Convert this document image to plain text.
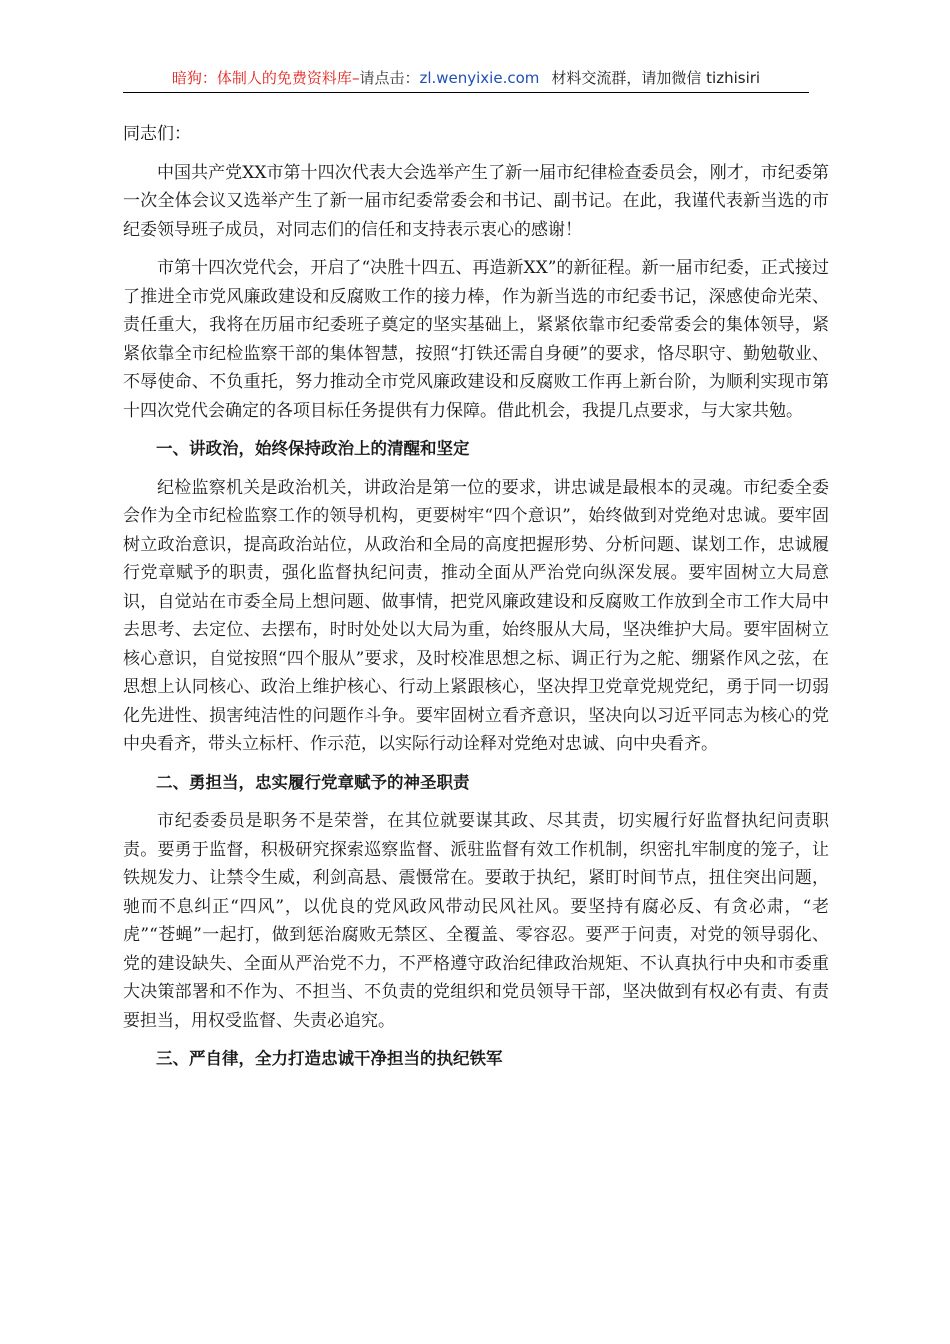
暗狗：体制人的免费资料库–请点击：zl.wenyixie.com 材料交流群，请加微信 tizhisiri

同志们：

中国共产党XX市第十四次代表大会选举产生了新一届市纪律检查委员会，刚才，市纪委第一次全体会议又选举产生了新一届市纪委常委会和书记、副书记。在此，我谨代表新当选的市纪委领导班子成员，对同志们的信任和支持表示衷心的感谢！

市第十四次党代会，开启了“决胜十四五、再造新XX”的新征程。新一届市纪委，正式接过了推进全市党风廉政建设和反腐败工作的接力棒，作为新当选的市纪委书记，深感使命光荣、责任重大，我将在历届市纪委班子奠定的坚实基础上，紧紧依靠市纪委常委会的集体领导，紧紧依靠全市纪检监察干部的集体智慧，按照“打铁还需自身硬”的要求，恪尽职守、勤勉敬业、不辱使命、不负重托，努力推动全市党风廉政建设和反腐败工作再上新台阶，为顺利实现市第十四次党代会确定的各项目标任务提供有力保障。借此机会，我提几点要求，与大家共勉。

一、讲政治，始终保持政治上的清醒和坚定

纪检监察机关是政治机关，讲政治是第一位的要求，讲忠诚是最根本的灵魂。市纪委全委会作为全市纪检监察工作的领导机构，更要树牢“四个意识”，始终做到对党绝对忠诚。要牢固树立政治意识，提高政治站位，从政治和全局的高度把握形势、分析问题、谋划工作，忠诚履行党章赋予的职责，强化监督执纪问责，推动全面从严治党向纵深发展。要牢固树立大局意识，自觉站在市委全局上想问题、做事情，把党风廉政建设和反腐败工作放到全市工作大局中去思考、去定位、去摆布，时时处处以大局为重，始终服从大局，坚决维护大局。要牢固树立核心意识，自觉按照“四个服从”要求，及时校准思想之标、调正行为之舵、绷紧作风之弦，在思想上认同核心、政治上维护核心、行动上紧跟核心，坚决捍卫党章党规党纪，勇于同一切弱化先进性、损害纯洁性的问题作斗争。要牢固树立看齐意识，坚决向以习近平同志为核心的党中央看齐，带头立标杆、作示范，以实际行动诠释对党绝对忠诚、向中央看齐。

二、勇担当，忠实履行党章赋予的神圣职责

市纪委委员是职务不是荣誉，在其位就要谋其政、尽其责，切实履行好监督执纪问责职责。要勇于监督，积极研究探索巡察监督、派驻监督有效工作机制，织密扎牢制度的笼子，让铁规发力、让禁令生威，利剑高悬、震慑常在。要敢于执纪，紧盯时间节点，扭住突出问题，驰而不息纠正“四风”，以优良的党风政风带动民风社风。要坚持有腐必反、有贪必肃，“老虎”“苍蝇”一起打，做到惩治腐败无禁区、全覆盖、零容忍。要严于问责，对党的领导弱化、党的建设缺失、全面从严治党不力，不严格遵守政治纪律政治规矩、不认真执行中央和市委重大决策部署和不作为、不担当、不负责的党组织和党员领导干部，坚决做到有权必有责、有责要担当，用权受监督、失责必追究。

三、严自律，全力打造忠诚干净担当的执纪铁军
